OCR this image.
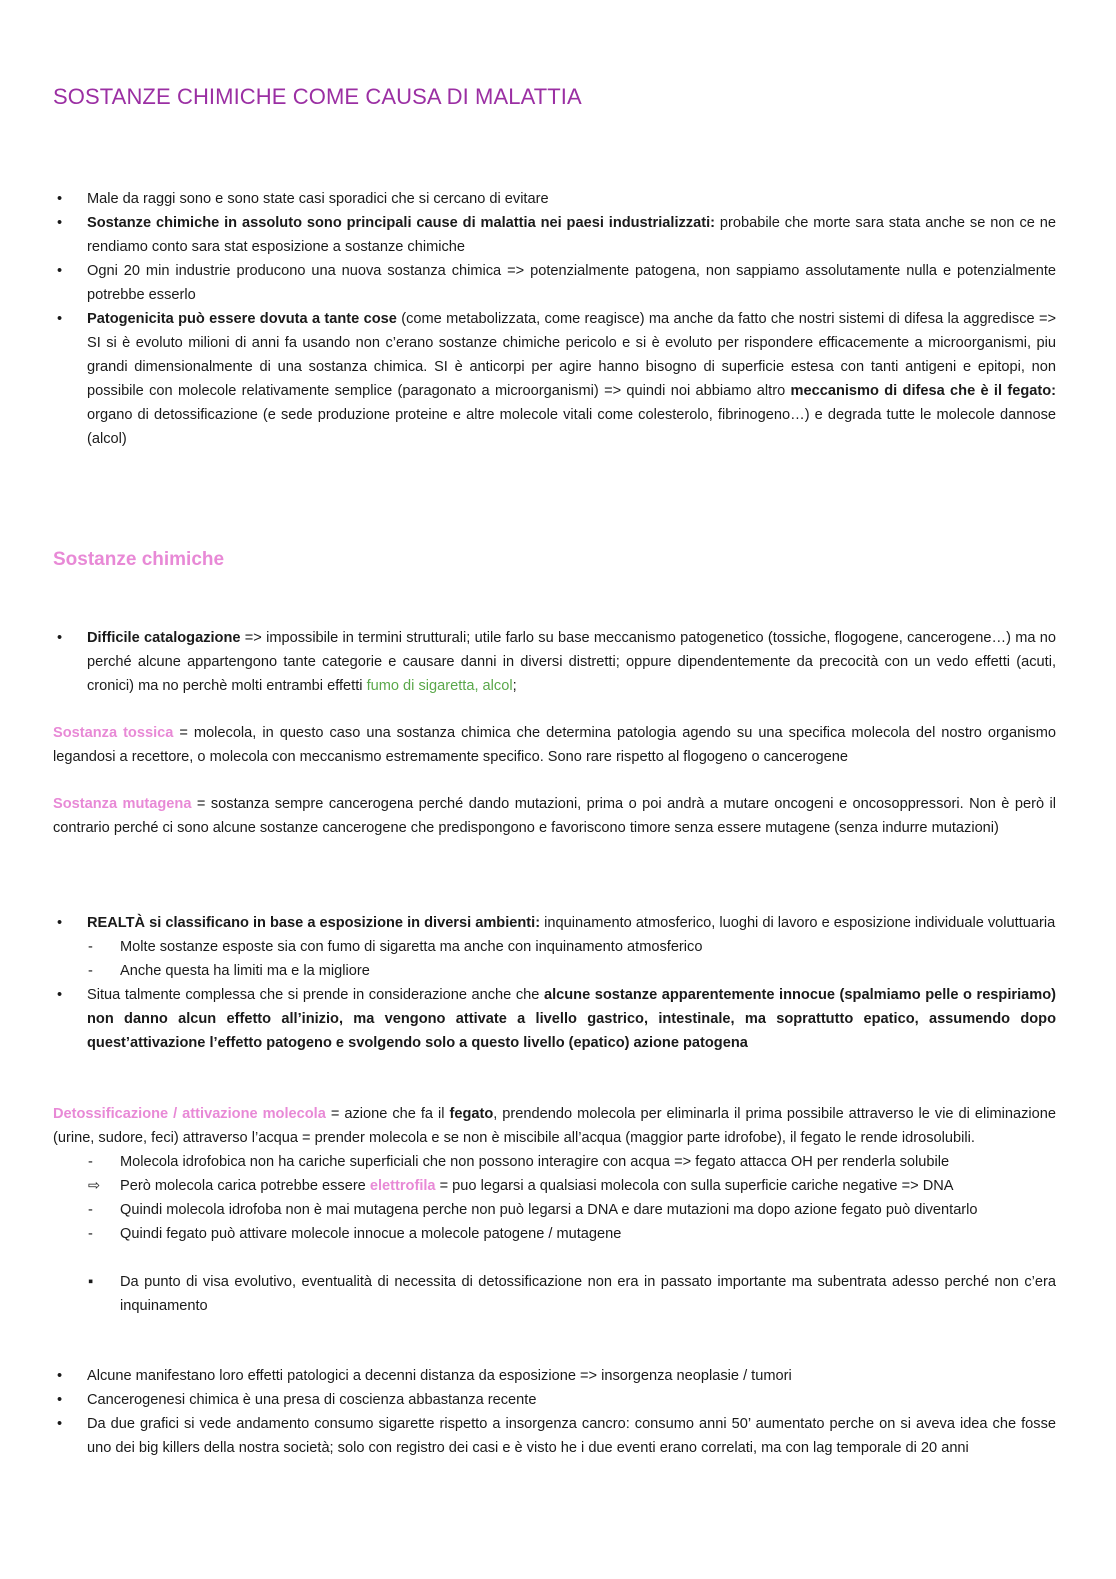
SOSTANZE CHIMICHE COME CAUSA DI MALATTIA
• Male da raggi sono e sono state casi sporadici che si cercano di evitare
• Sostanze chimiche in assoluto sono principali cause di malattia nei paesi industrializzati: probabile che morte sara stata anche se non ce ne rendiamo conto sara stat esposizione a sostanze chimiche
• Ogni 20 min industrie producono una nuova sostanza chimica => potenzialmente patogena, non sappiamo assolutamente nulla e potenzialmente potrebbe esserlo
• Patogenicita può essere dovuta a tante cose (come metabolizzata, come reagisce) ma anche da fatto che nostri sistemi di difesa la aggredisce => SI si è evoluto milioni di anni fa usando non c’erano sostanze chimiche pericolo e si è evoluto per rispondere efficacemente a microorganismi, piu grandi dimensionalmente di una sostanza chimica. SI è anticorpi per agire hanno bisogno di superficie estesa con tanti antigeni e epitopi, non possibile con molecole relativamente semplice (paragonato a microorganismi) => quindi noi abbiamo altro meccanismo di difesa che è il fegato: organo di detossificazione (e sede produzione proteine e altre molecole vitali come colesterolo, fibrinogeno…) e degrada tutte le molecole dannose (alcol)
Sostanze chimiche
• Difficile catalogazione => impossibile in termini strutturali; utile farlo su base meccanismo patogenetico (tossiche, flogogene, cancerogene…) ma no perché alcune appartengono tante categorie e causare danni in diversi distretti; oppure dipendentemente da precocità con un vedo effetti (acuti, cronici) ma no perchè molti entrambi effetti fumo di sigaretta, alcol;
Sostanza tossica = molecola, in questo caso una sostanza chimica che determina patologia agendo su una specifica molecola del nostro organismo legandosi a recettore, o molecola con meccanismo estremamente specifico. Sono rare rispetto al flogogeno o cancerogene
Sostanza mutagena = sostanza sempre cancerogena perché dando mutazioni, prima o poi andrà a mutare oncogeni e oncosoppressori. Non è però il contrario perché ci sono alcune sostanze cancerogene che predispongono e favoriscono timore senza essere mutagene (senza indurre mutazioni)
• REALTÀ si classificano in base a esposizione in diversi ambienti: inquinamento atmosferico, luoghi di lavoro e esposizione individuale voluttuaria
- Molte sostanze esposte sia con fumo di sigaretta ma anche con inquinamento atmosferico
- Anche questa ha limiti ma e la migliore
• Situa talmente complessa che si prende in considerazione anche che alcune sostanze apparentemente innocue (spalmiamo pelle o respiriamo) non danno alcun effetto all’inizio, ma vengono attivate a livello gastrico, intestinale, ma soprattutto epatico, assumendo dopo quest’attivazione l’effetto patogeno e svolgendo solo a questo livello (epatico) azione patogena
Detossificazione / attivazione molecola = azione che fa il fegato, prendendo molecola per eliminarla il prima possibile attraverso le vie di eliminazione (urine, sudore, feci) attraverso l’acqua = prender molecola e se non è miscibile all’acqua (maggior parte idrofobe), il fegato le rende idrosolubili.
- Molecola idrofobica non ha cariche superficiali che non possono interagire con acqua => fegato attacca OH per renderla solubile
⇨ Però molecola carica potrebbe essere elettrofila = puo legarsi a qualsiasi molecola con sulla superficie cariche negative => DNA
- Quindi molecola idrofoba non è mai mutagena perche non può legarsi a DNA e dare mutazioni ma dopo azione fegato può diventarlo
- Quindi fegato può attivare molecole innocue a molecole patogene / mutagene
▪ Da punto di visa evolutivo, eventualità di necessita di detossificazione non era in passato importante ma subentrata adesso perché non c’era inquinamento
• Alcune manifestano loro effetti patologici a decenni distanza da esposizione => insorgenza neoplasie / tumori
• Cancerogenesi chimica è una presa di coscienza abbastanza recente
• Da due grafici si vede andamento consumo sigarette rispetto a insorgenza cancro: consumo anni 50’ aumentato perche on si aveva idea che fosse uno dei big killers della nostra società; solo con registro dei casi e è visto he i due eventi erano correlati, ma con lag temporale di 20 anni
